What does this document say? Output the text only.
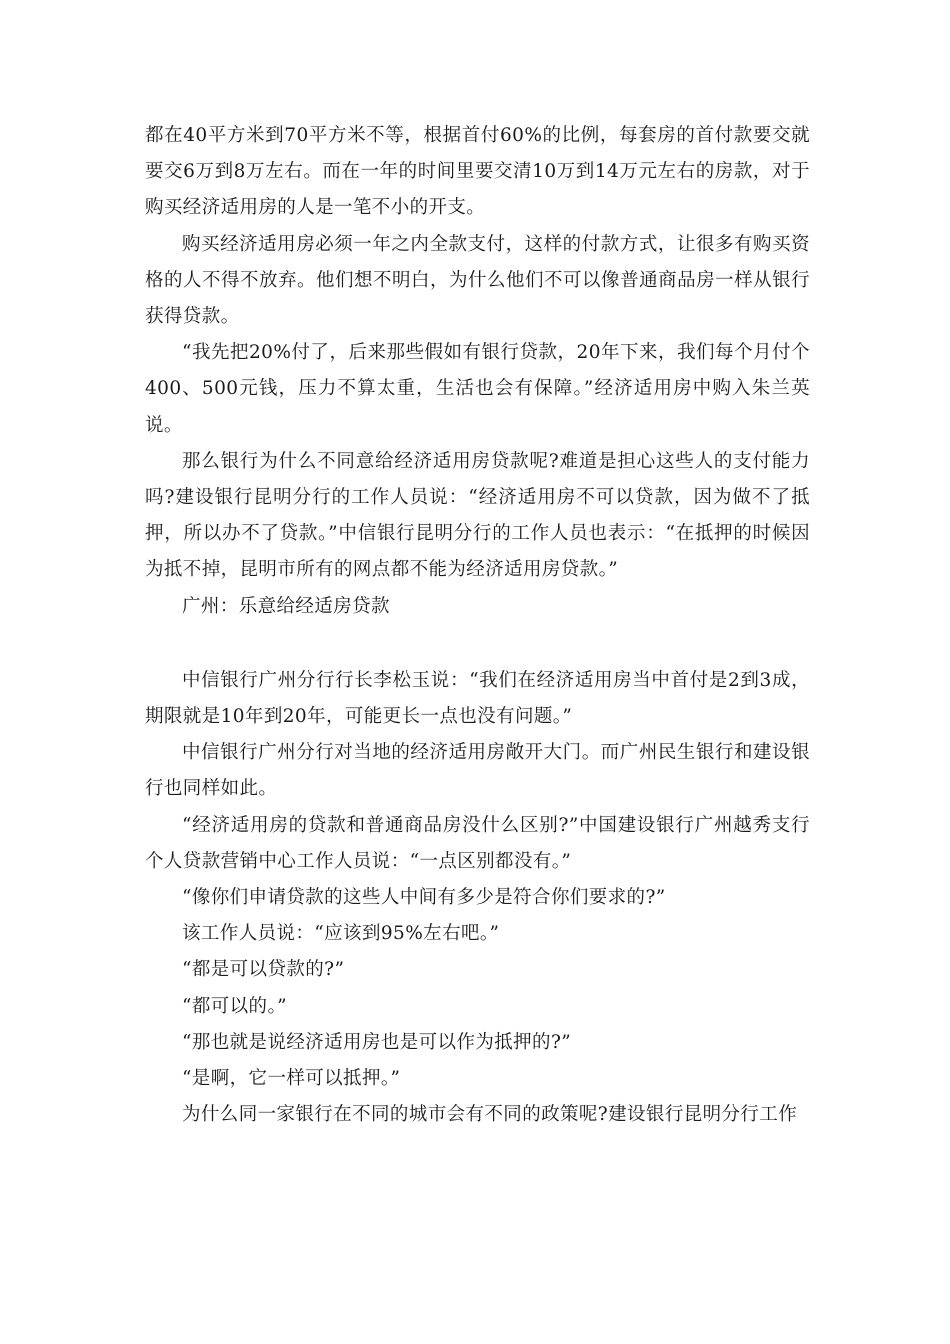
都在40平方米到70平方米不等，根据首付60%的比例，每套房的首付款要交就要交6万到8万左右。而在一年的时间里要交清10万到14万元左右的房款，对于购买经济适用房的人是一笔不小的开支。

购买经济适用房必须一年之内全款支付，这样的付款方式，让很多有购买资格的人不得不放弃。他们想不明白，为什么他们不可以像普通商品房一样从银行获得贷款。

“我先把20%付了，后来那些假如有银行贷款，20年下来，我们每个月付个400、500元钱，压力不算太重，生活也会有保障。”经济适用房中购入朱兰英说。

那么银行为什么不同意给经济适用房贷款呢?难道是担心这些人的支付能力吗?建设银行昆明分行的工作人员说：“经济适用房不可以贷款，因为做不了抵押，所以办不了贷款。”中信银行昆明分行的工作人员也表示：“在抵押的时候因为抵不掉，昆明市所有的网点都不能为经济适用房贷款。”

广州：乐意给经适房贷款

中信银行广州分行行长李松玉说：“我们在经济适用房当中首付是2到3成，期限就是10年到20年，可能更长一点也没有问题。”

中信银行广州分行对当地的经济适用房敞开大门。而广州民生银行和建设银行也同样如此。

“经济适用房的贷款和普通商品房没什么区别?”中国建设银行广州越秀支行个人贷款营销中心工作人员说：“一点区别都没有。”

“像你们申请贷款的这些人中间有多少是符合你们要求的?”

该工作人员说：“应该到95%左右吧。”

“都是可以贷款的?”

“都可以的。”

“那也就是说经济适用房也是可以作为抵押的?”

“是啊，它一样可以抵押。”

为什么同一家银行在不同的城市会有不同的政策呢?建设银行昆明分行工作
